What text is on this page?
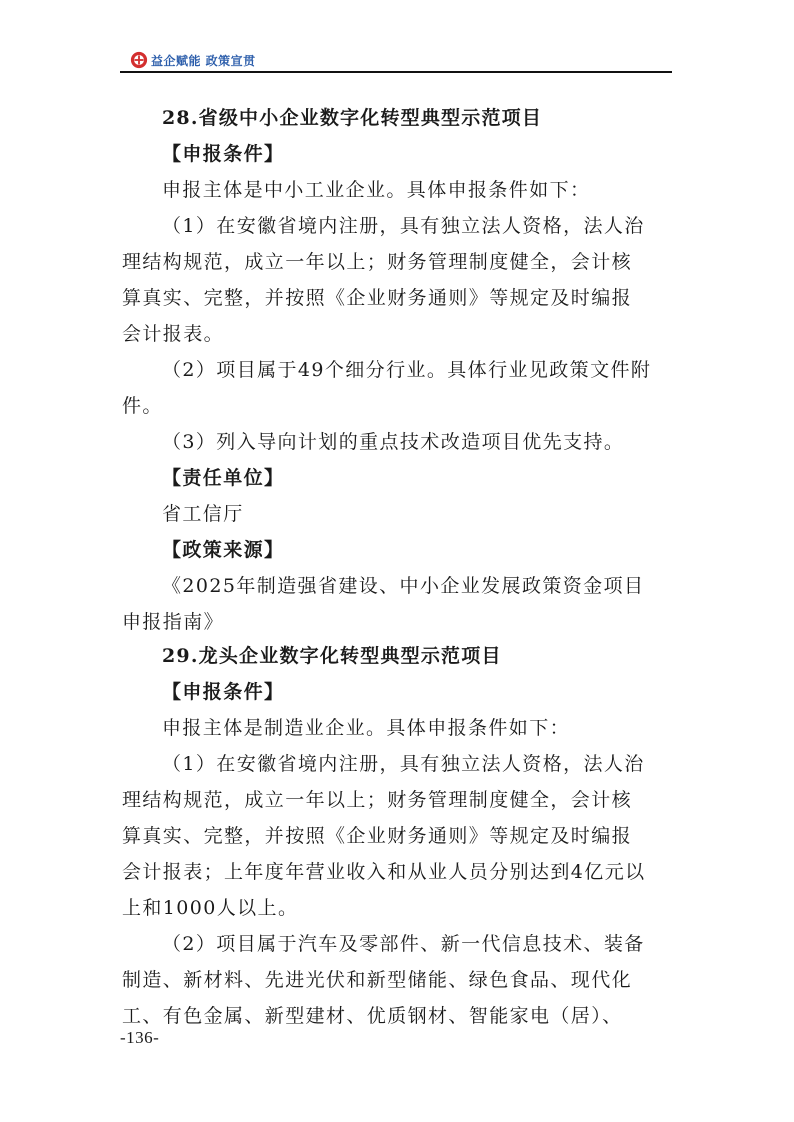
益企赋能 政策宣贯
28.省级中小企业数字化转型典型示范项目
【申报条件】
申报主体是中小工业企业。具体申报条件如下：
（1）在安徽省境内注册，具有独立法人资格，法人治
理结构规范，成立一年以上；财务管理制度健全，会计核
算真实、完整，并按照《企业财务通则》等规定及时编报
会计报表。
（2）项目属于49个细分行业。具体行业见政策文件附
件。
（3）列入导向计划的重点技术改造项目优先支持。
【责任单位】
省工信厅
【政策来源】
《2025年制造强省建设、中小企业发展政策资金项目
申报指南》
29.龙头企业数字化转型典型示范项目
【申报条件】
申报主体是制造业企业。具体申报条件如下：
（1）在安徽省境内注册，具有独立法人资格，法人治
理结构规范，成立一年以上；财务管理制度健全，会计核
算真实、完整，并按照《企业财务通则》等规定及时编报
会计报表；上年度年营业收入和从业人员分别达到4亿元以
上和1000人以上。
（2）项目属于汽车及零部件、新一代信息技术、装备
制造、新材料、先进光伏和新型储能、绿色食品、现代化
工、有色金属、新型建材、优质钢材、智能家电（居）、
-136-
